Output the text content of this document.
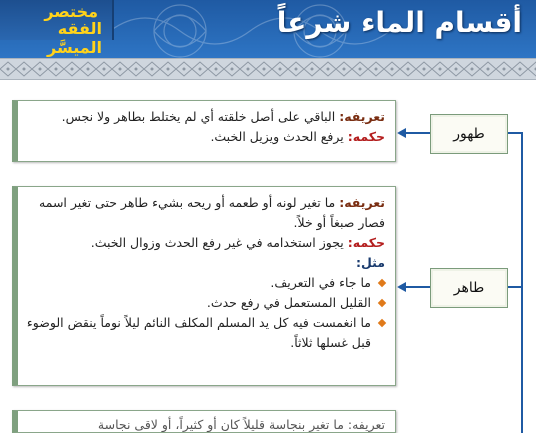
مختصر
الفقه الميسَّر
أقسام الماء شرعاً
طهور
طاهر
تعريفه: الباقي على أصل خلقته أي لم يختلط بطاهر ولا نجس.
حكمه: يرفع الحدث ويزيل الخبث.
تعريفه: ما تغير لونه أو طعمه أو ريحه بشيء طاهر حتى تغير اسمه فصار صبغاً أو خلاً.
حكمه: يجوز استخدامه في غير رفع الحدث وزوال الخبث.
مثل:
ما جاء في التعريف.
القليل المستعمل في رفع حدث.
ما انغمست فيه كل يد المسلم المكلف النائم ليلاً نوماً ينقض الوضوء قبل غسلها ثلاثاً.
تعريفه: ما تغير بنجاسة قليلاً كان أو كثيراً، أو لاقى نجاسة
